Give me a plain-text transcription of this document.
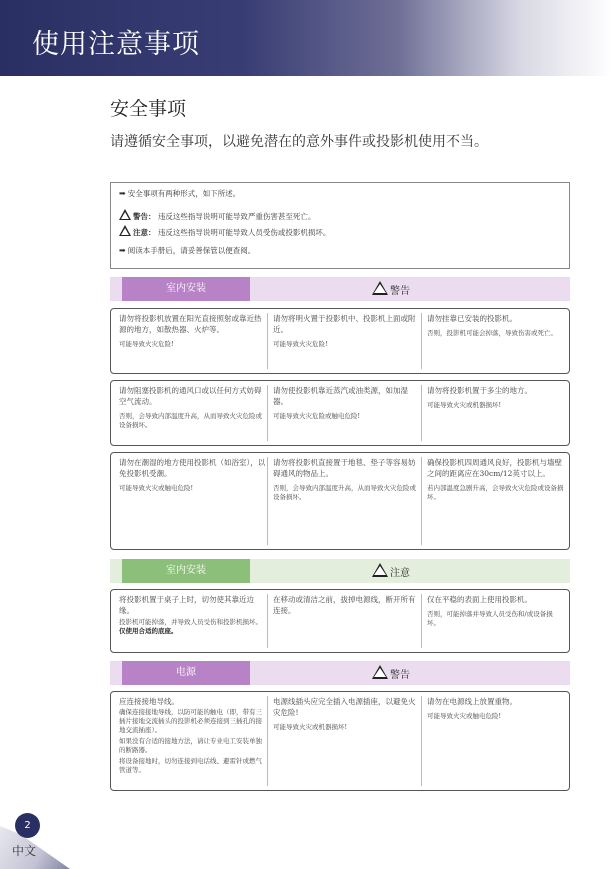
使用注意事项
安全事项
请遵循安全事项，以避免潜在的意外事件或投影机使用不当。
➡ 安全事项有两种形式，如下所述。
警告： 违反这些指导说明可能导致严重伤害甚至死亡。
注意： 违反这些指导说明可能导致人员受伤或投影机损坏。
➡ 阅读本手册后，请妥善保管以便查阅。
室内安装	警告
请勿将投影机放置在阳光直接照射或靠近热源的地方，如散热器、火炉等。
可能导致火灾危险!
请勿将明火置于投影机中、投影机上面或附近。
可能导致火灾危险!
请勿挂靠已安装的投影机。
否则，投影机可能会掉落，导致伤害或死亡。
请勿阻塞投影机的通风口或以任何方式妨碍空气流动。
否则，会导致内部温度升高，从而导致火灾危险或设备损坏。
请勿使投影机靠近蒸汽或油类源，如加湿器。
可能导致火灾危险或触电危险!
请勿将投影机置于多尘的地方。
可能导致火灾或机器损坏!
请勿在潮湿的地方使用投影机（如浴室），以免投影机受潮。
可能导致火灾或触电危险!
请勿将投影机直接置于地毯、垫子等容易妨碍通风的物品上。
否则，会导致内部温度升高，从而导致火灾危险或设备损坏。
确保投影机四周通风良好，投影机与墙壁之间的距离应在30cm/12英寸以上。
若内部温度急剧升高，会导致火灾危险或设备损坏。
室内安装	注意
将投影机置于桌子上时，切勿使其靠近边缘。
投影机可能掉落，并导致人员受伤和投影机损坏。
仅使用合适的底座。
在移动或清洁之前，拔掉电源线，断开所有连接。
仅在平稳的表面上使用投影机。
否则，可能掉落并导致人员受伤和/或设备损坏。
电源	警告
应连接接地导线。
确保连接接地导线，以防可能的触电（即，带有三插片接地交流插头的投影机必须连接到三插孔的接地交流插座）。
如果没有合适的接地方法，请让专业电工安装单独的断路器。
将设备接地时，切勿连接到电话线、避雷针或燃气管道等。
电源线插头应完全插入电源插座，以避免火灾危险!
可能导致火灾或机器损坏!
请勿在电源线上放置重物。
可能导致火灾或触电危险!
2
中文
